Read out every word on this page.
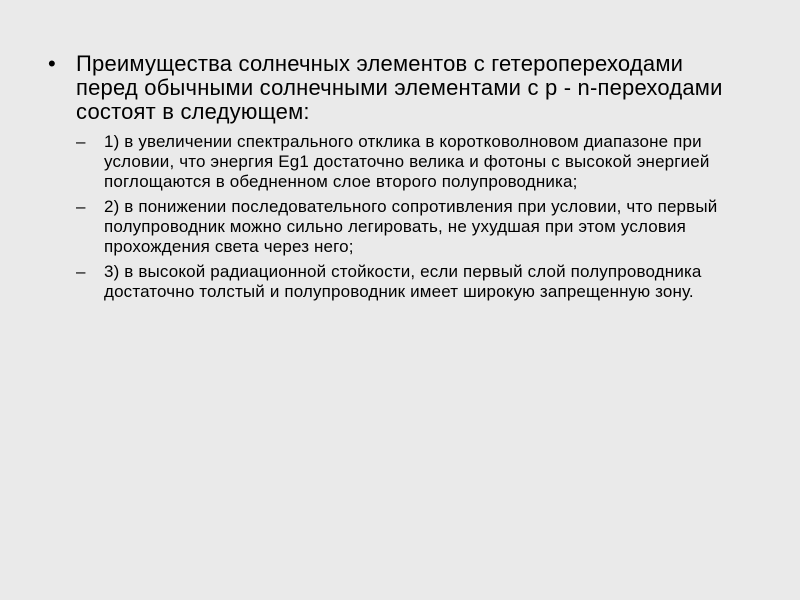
• Преимущества солнечных элементов с гетеропереходами перед обычными солнечными элементами с p - n-переходами состоят в следующем:
– 1) в увеличении спектрального отклика в коротковолновом диапазоне при условии, что энергия Eg1 достаточно велика и фотоны с высокой энергией поглощаются в обедненном слое второго полупроводника;
– 2) в понижении последовательного сопротивления при условии, что первый полупроводник можно сильно легировать, не ухудшая при этом условия прохождения света через него;
– 3) в высокой радиационной стойкости, если первый слой полупроводника достаточно толстый и полупроводник имеет широкую запрещенную зону.
